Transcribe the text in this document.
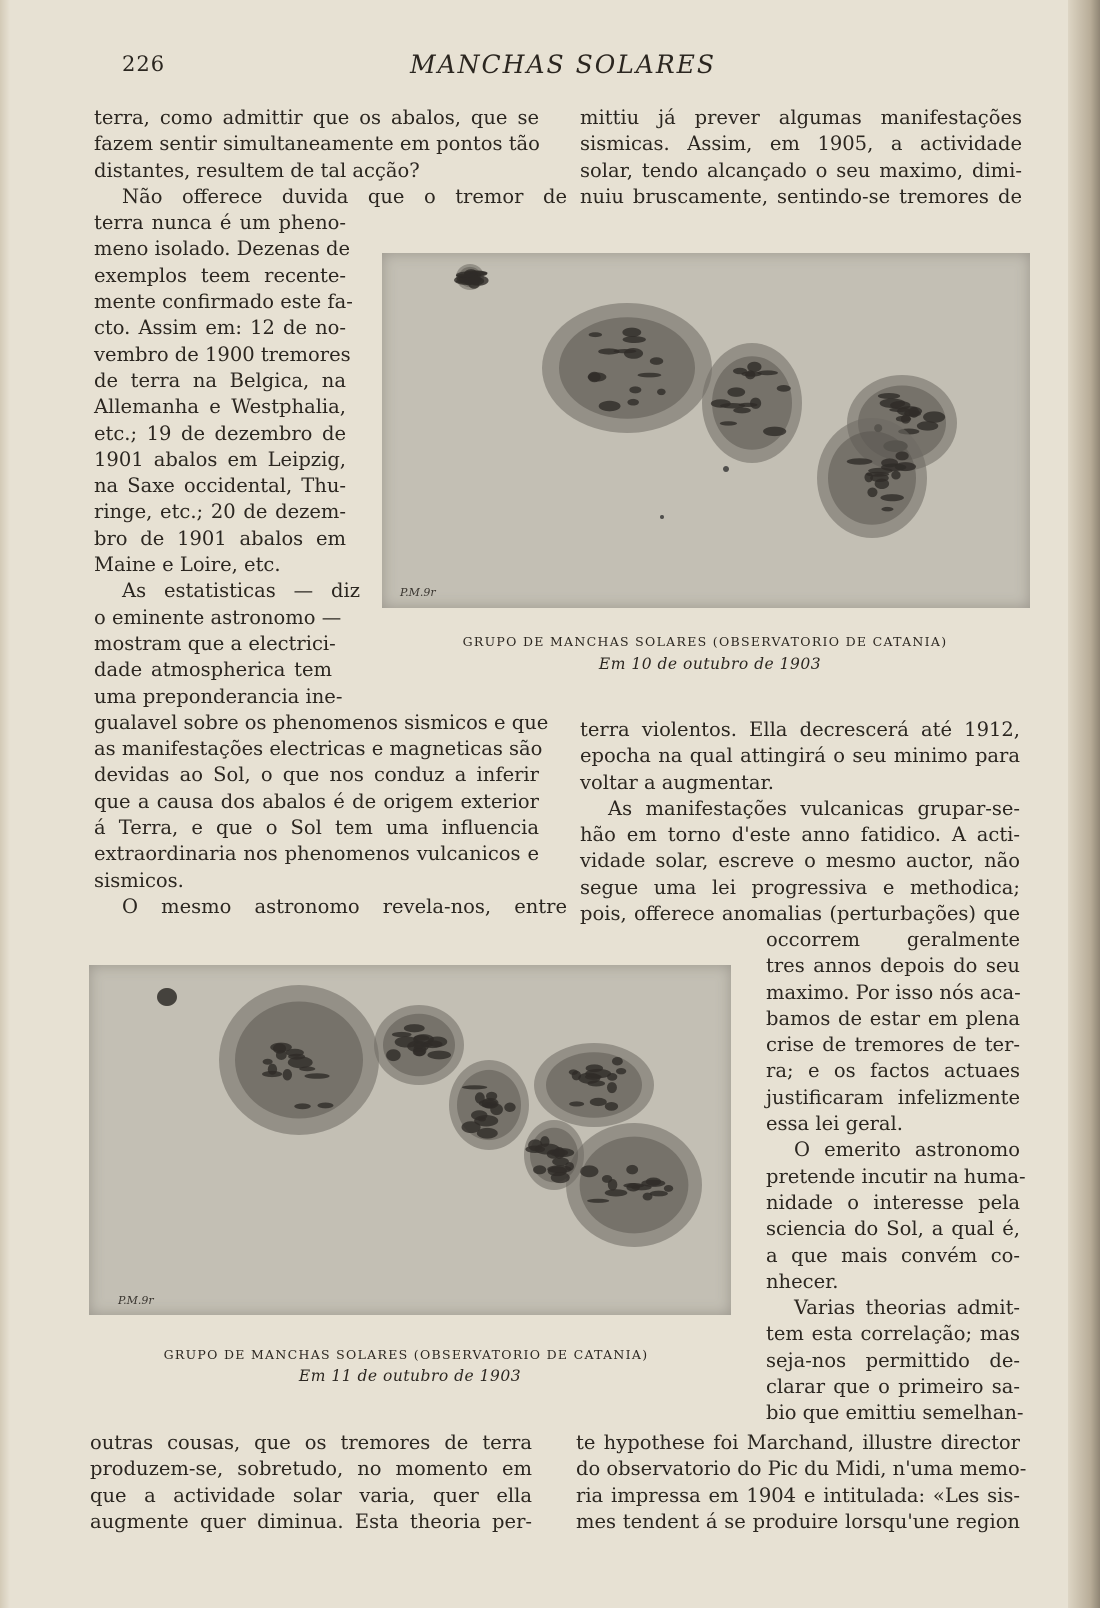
226	MANCHAS SOLARES
terra, como admittir que os abalos, que se
fazem sentir simultaneamente em pontos tão
distantes, resultem de tal acção?
Não offerece duvida que o tremor de
terra nunca é um pheno-
meno isolado. Dezenas de
exemplos teem recente-
mente confirmado este fa-
cto. Assim em: 12 de no-
vembro de 1900 tremores
de terra na Belgica, na
Allemanha e Westphalia,
etc.; 19 de dezembro de
1901 abalos em Leipzig,
na Saxe occidental, Thu-
ringe, etc.; 20 de dezem-
bro de 1901 abalos em
Maine e Loire, etc.
As estatisticas — diz
o eminente astronomo —
mostram que a electrici-
dade atmospherica tem
uma preponderancia ine-
gualavel sobre os phenomenos sismicos e que
as manifestações electricas e magneticas são
devidas ao Sol, o que nos conduz a inferir
que a causa dos abalos é de origem exterior
á Terra, e que o Sol tem uma influencia
extraordinaria nos phenomenos vulcanicos e
sismicos.
O mesmo astronomo revela-nos, entre
mittiu já prever algumas manifestações
sismicas. Assim, em 1905, a actividade
solar, tendo alcançado o seu maximo, dimi-
nuiu bruscamente, sentindo-se tremores de
P.M.9r
GRUPO DE MANCHAS SOLARES (OBSERVATORIO DE CATANIA)
Em 10 de outubro de 1903
terra violentos. Ella decrescerá até 1912,
epocha na qual attingirá o seu minimo para
voltar a augmentar.
As manifestações vulcanicas grupar-se-
hão em torno d'este anno fatidico. A acti-
vidade solar, escreve o mesmo auctor, não
segue uma lei progressiva e methodica;
pois, offerece anomalias (perturbações) que
occorrem geralmente
tres annos depois do seu
maximo. Por isso nós aca-
bamos de estar em plena
crise de tremores de ter-
ra; e os factos actuaes
justificaram infelizmente
essa lei geral.
O emerito astronomo
pretende incutir na huma-
nidade o interesse pela
sciencia do Sol, a qual é,
a que mais convém co-
nhecer.
Varias theorias admit-
tem esta correlação; mas
seja-nos permittido de-
clarar que o primeiro sa-
bio que emittiu semelhan-
P.M.9r
GRUPO DE MANCHAS SOLARES (OBSERVATORIO DE CATANIA)
Em 11 de outubro de 1903
outras cousas, que os tremores de terra
produzem-se, sobretudo, no momento em
que a actividade solar varia, quer ella
augmente quer diminua. Esta theoria per-
te hypothese foi Marchand, illustre director
do observatorio do Pic du Midi, n'uma memo-
ria impressa em 1904 e intitulada: «Les sis-
mes tendent á se produire lorsqu'une region
